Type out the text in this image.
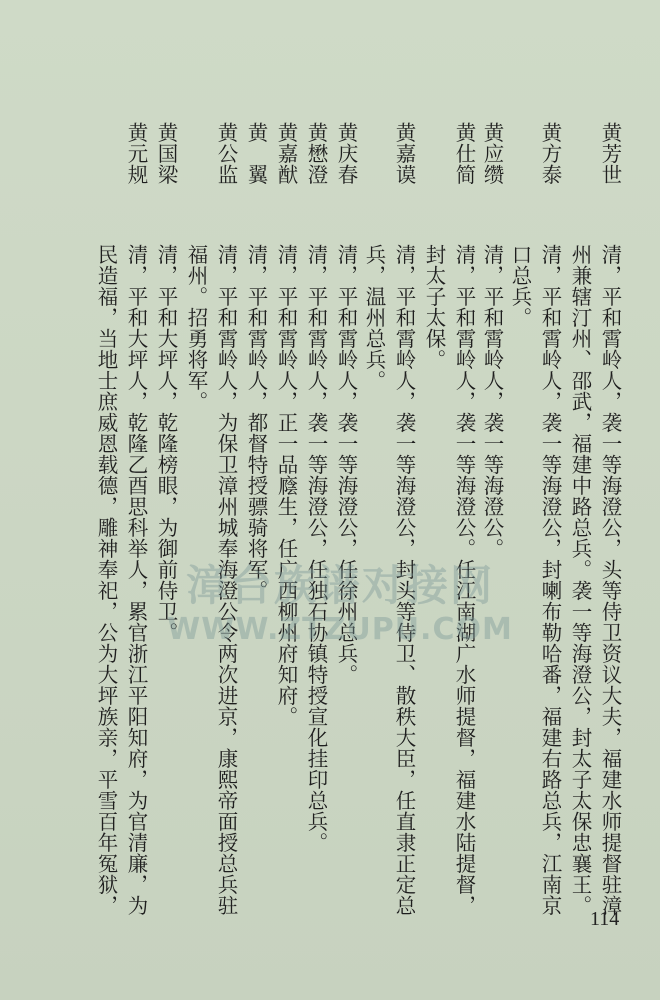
黄芳世
黄方泰
黄应缵
黄仕简
黄嘉谟
黄庆春
黄懋澄
黄嘉猷
黄　翼
黄公监
黄国梁
黄元规
清，平和霄岭人，袭一等海澄公，头等侍卫资议大夫，福建水师提督驻漳
州兼辖汀州、邵武，福建中路总兵。袭一等海澄公，封太子太保忠襄王。
清，平和霄岭人，袭一等海澄公，封喇布勒哈番，福建右路总兵，江南京
口总兵。
清，平和霄岭人，袭一等海澄公。
清，平和霄岭人，袭一等海澄公。任江南湖广水师提督，福建水陆提督，
封太子太保。
清，平和霄岭人，袭一等海澄公，封头等侍卫、散秩大臣，任直隶正定总
兵，温州总兵。
清，平和霄岭人，袭一等海澄公，任徐州总兵。
清，平和霄岭人，袭一等海澄公，任独石协镇特授宣化挂印总兵。
清，平和霄岭人，正一品廕生，任广西柳州府知府。
清，平和霄岭人，都督特授骠骑将军。
清，平和霄岭人，为保卫漳州城奉海澄公令两次进京，康熙帝面授总兵驻
福州。招勇将军。
清，平和大坪人，乾隆榜眼，为御前侍卫。
清，平和大坪人，乾隆乙酉思科举人，累官浙江平阳知府，为官清廉，为
民造福，当地士庶威恩载德，雕神奉祀，公为大坪族亲，平雪百年冤狱，	漳台族谱对接网
WWW.ZTZUPU.COM
114
